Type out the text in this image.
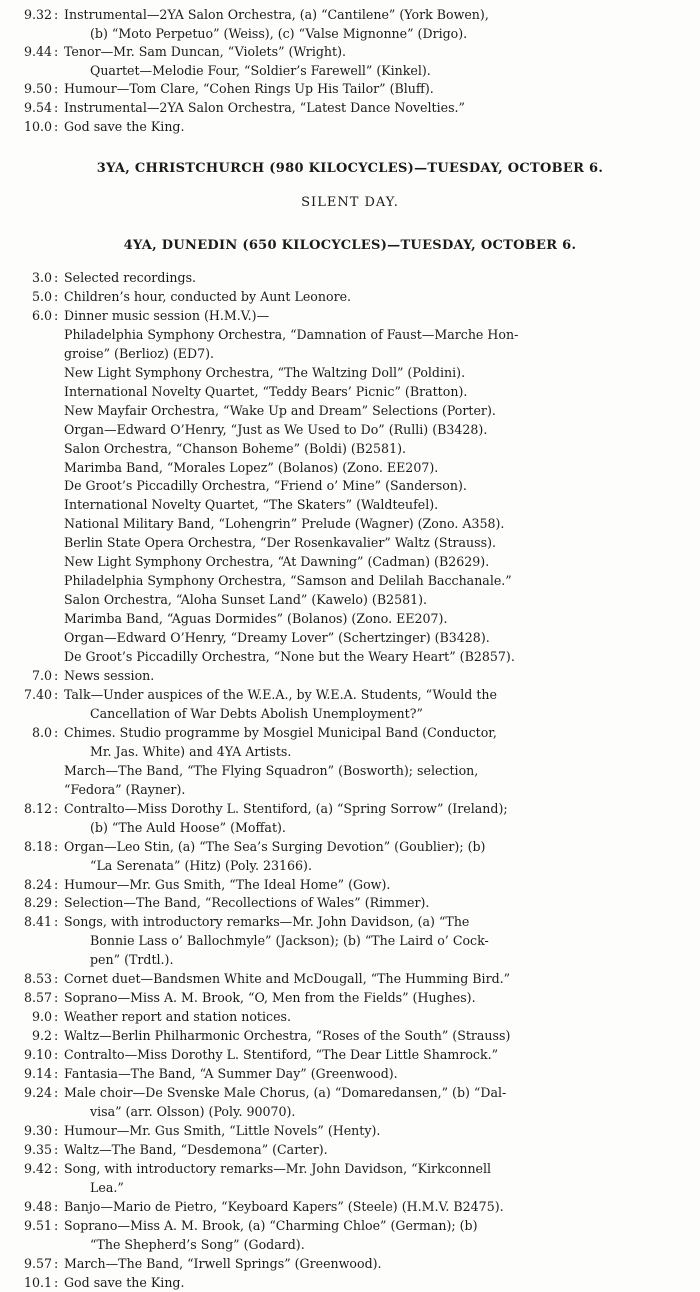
9.32 : Instrumental—2YA Salon Orchestra, (a) “Cantilene” (York Bowen),
(b) “Moto Perpetuo” (Weiss), (c) “Valse Mignonne” (Drigo).
9.44 : Tenor—Mr. Sam Duncan, “Violets” (Wright).
Quartet—Melodie Four, “Soldier’s Farewell” (Kinkel).
9.50 : Humour—Tom Clare, “Cohen Rings Up His Tailor” (Bluff).
9.54 : Instrumental—2YA Salon Orchestra, “Latest Dance Novelties.”
10.0 : God save the King.
3YA, CHRISTCHURCH (980 KILOCYCLES)—TUESDAY, OCTOBER 6.
SILENT DAY.
4YA, DUNEDIN (650 KILOCYCLES)—TUESDAY, OCTOBER 6.
3.0 : Selected recordings.
5.0 : Children’s hour, conducted by Aunt Leonore.
6.0 : Dinner music session (H.M.V.)—
Philadelphia Symphony Orchestra, “Damnation of Faust—Marche Hon-
groise” (Berlioz) (ED7).
New Light Symphony Orchestra, “The Waltzing Doll” (Poldini).
International Novelty Quartet, “Teddy Bears’ Picnic” (Bratton).
New Mayfair Orchestra, “Wake Up and Dream” Selections (Porter).
Organ—Edward O’Henry, “Just as We Used to Do” (Rulli) (B3428).
Salon Orchestra, “Chanson Boheme” (Boldi) (B2581).
Marimba Band, “Morales Lopez” (Bolanos) (Zono. EE207).
De Groot’s Piccadilly Orchestra, “Friend o’ Mine” (Sanderson).
International Novelty Quartet, “The Skaters” (Waldteufel).
National Military Band, “Lohengrin” Prelude (Wagner) (Zono. A358).
Berlin State Opera Orchestra, “Der Rosenkavalier” Waltz (Strauss).
New Light Symphony Orchestra, “At Dawning” (Cadman) (B2629).
Philadelphia Symphony Orchestra, “Samson and Delilah Bacchanale.”
Salon Orchestra, “Aloha Sunset Land” (Kawelo) (B2581).
Marimba Band, “Aguas Dormides” (Bolanos) (Zono. EE207).
Organ—Edward O’Henry, “Dreamy Lover” (Schertzinger) (B3428).
De Groot’s Piccadilly Orchestra, “None but the Weary Heart” (B2857).
7.0 : News session.
7.40 : Talk—Under auspices of the W.E.A., by W.E.A. Students, “Would the
Cancellation of War Debts Abolish Unemployment?”
8.0 : Chimes. Studio programme by Mosgiel Municipal Band (Conductor,
Mr. Jas. White) and 4YA Artists.
March—The Band, “The Flying Squadron” (Bosworth); selection,
“Fedora” (Rayner).
8.12 : Contralto—Miss Dorothy L. Stentiford, (a) “Spring Sorrow” (Ireland);
(b) “The Auld Hoose” (Moffat).
8.18 : Organ—Leo Stin, (a) “The Sea’s Surging Devotion” (Goublier); (b)
“La Serenata” (Hitz) (Poly. 23166).
8.24 : Humour—Mr. Gus Smith, “The Ideal Home” (Gow).
8.29 : Selection—The Band, “Recollections of Wales” (Rimmer).
8.41 : Songs, with introductory remarks—Mr. John Davidson, (a) “The
Bonnie Lass o’ Ballochmyle” (Jackson); (b) “The Laird o’ Cock-
pen” (Trdtl.).
8.53 : Cornet duet—Bandsmen White and McDougall, “The Humming Bird.”
8.57 : Soprano—Miss A. M. Brook, “O, Men from the Fields” (Hughes).
9.0 : Weather report and station notices.
9.2 : Waltz—Berlin Philharmonic Orchestra, “Roses of the South” (Strauss)
9.10 : Contralto—Miss Dorothy L. Stentiford, “The Dear Little Shamrock.”
9.14 : Fantasia—The Band, “A Summer Day” (Greenwood).
9.24 : Male choir—De Svenske Male Chorus, (a) “Domaredansen,” (b) “Dal-
visa” (arr. Olsson) (Poly. 90070).
9.30 : Humour—Mr. Gus Smith, “Little Novels” (Henty).
9.35 : Waltz—The Band, “Desdemona” (Carter).
9.42 : Song, with introductory remarks—Mr. John Davidson, “Kirkconnell
Lea.”
9.48 : Banjo—Mario de Pietro, “Keyboard Kapers” (Steele) (H.M.V. B2475).
9.51 : Soprano—Miss A. M. Brook, (a) “Charming Chloe” (German); (b)
“The Shepherd’s Song” (Godard).
9.57 : March—The Band, “Irwell Springs” (Greenwood).
10.1 : God save the King.
